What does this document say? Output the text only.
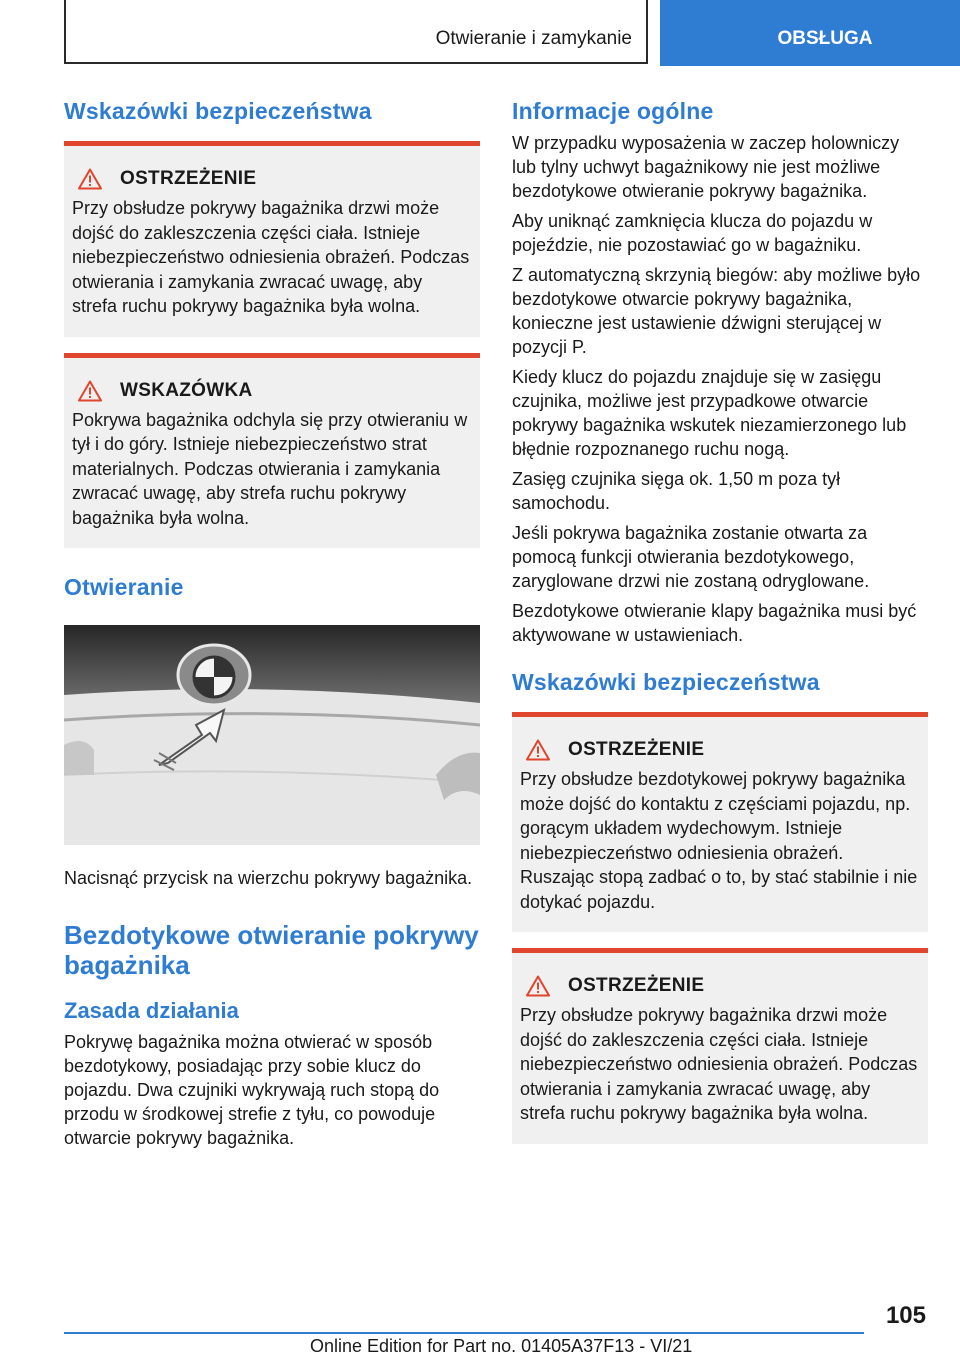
Otwieranie i zamykanie	OBSŁUGA
Wskazówki bezpieczeństwa
OSTRZEŻENIE

Przy obsłudze pokrywy bagażnika drzwi może dojść do zakleszczenia części ciała. Istnieje niebezpieczeństwo odniesienia obrażeń. Podczas otwierania i zamykania zwracać uwagę, aby strefa ruchu pokrywy bagażnika była wolna.

WSKAZÓWKA

Pokrywa bagażnika odchyla się przy otwieraniu w tył i do góry. Istnieje niebezpieczeństwo strat materialnych. Podczas otwierania i zamykania zwracać uwagę, aby strefa ruchu pokrywy bagażnika była wolna.

Otwieranie

Nacisnąć przycisk na wierzchu pokrywy bagażnika.

Bezdotykowe otwieranie pokrywy bagażnika
Zasada działania

Pokrywę bagażnika można otwierać w sposób bezdotykowy, posiadając przy sobie klucz do pojazdu. Dwa czujniki wykrywają ruch stopą do przodu w środkowej strefie z tyłu, co powoduje otwarcie pokrywy bagażnika.

Informacje ogólne

W przypadku wyposażenia w zaczep holowniczy lub tylny uchwyt bagażnikowy nie jest możliwe bezdotykowe otwieranie pokrywy bagażnika.

Aby uniknąć zamknięcia klucza do pojazdu w pojeździe, nie pozostawiać go w bagażniku.

Z automatyczną skrzynią biegów: aby możliwe było bezdotykowe otwarcie pokrywy bagażnika, konieczne jest ustawienie dźwigni sterującej w pozycji P.

Kiedy klucz do pojazdu znajduje się w zasięgu czujnika, możliwe jest przypadkowe otwarcie pokrywy bagażnika wskutek niezamierzonego lub błędnie rozpoznanego ruchu nogą.

Zasięg czujnika sięga ok. 1,50 m poza tył samochodu.

Jeśli pokrywa bagażnika zostanie otwarta za pomocą funkcji otwierania bezdotykowego, zaryglowane drzwi nie zostaną odryglowane.

Bezdotykowe otwieranie klapy bagażnika musi być aktywowane w ustawieniach.

Wskazówki bezpieczeństwa
OSTRZEŻENIE

Przy obsłudze bezdotykowej pokrywy bagażnika może dojść do kontaktu z częściami pojazdu, np. gorącym układem wydechowym. Istnieje niebezpieczeństwo odniesienia obrażeń. Ruszając stopą zadbać o to, by stać stabilnie i nie dotykać pojazdu.

OSTRZEŻENIE

Przy obsłudze pokrywy bagażnika drzwi może dojść do zakleszczenia części ciała. Istnieje niebezpieczeństwo odniesienia obrażeń. Podczas otwierania i zamykania zwracać uwagę, aby strefa ruchu pokrywy bagażnika była wolna.

105
Online Edition for Part no. 01405A37F13 - VI/21
